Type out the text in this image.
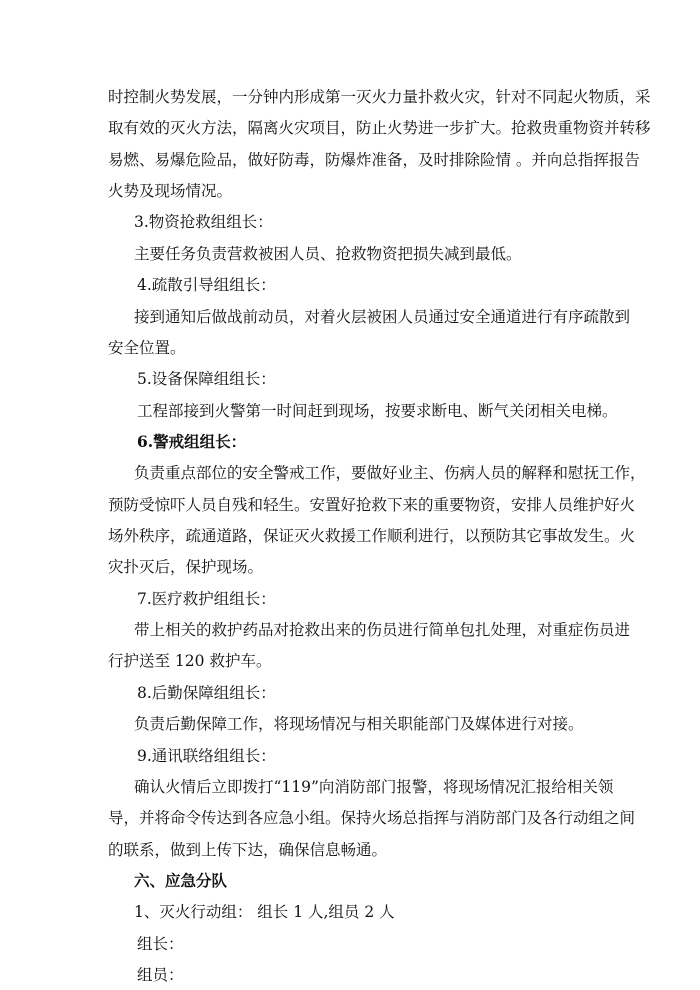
时控制火势发展，一分钟内形成第一灭火力量扑救火灾，针对不同起火物质，采
取有效的灭火方法，隔离火灾项目，防止火势进一步扩大。抢救贵重物资并转移
易燃、易爆危险品，做好防毒，防爆炸准备，及时排除险情 。并向总指挥报告
火势及现场情况。
3.物资抢救组组长：
主要任务负责营救被困人员、抢救物资把损失减到最低。
4.疏散引导组组长：
接到通知后做战前动员，对着火层被困人员通过安全通道进行有序疏散到
安全位置。
5.设备保障组组长：
工程部接到火警第一时间赶到现场，按要求断电、断气关闭相关电梯。
6.警戒组组长：
负责重点部位的安全警戒工作，要做好业主、伤病人员的解释和慰抚工作，
预防受惊吓人员自残和轻生。安置好抢救下来的重要物资，安排人员维护好火
场外秩序，疏通道路，保证灭火救援工作顺利进行，以预防其它事故发生。火
灾扑灭后，保护现场。
7.医疗救护组组长：
带上相关的救护药品对抢救出来的伤员进行简单包扎处理，对重症伤员进
行护送至 120 救护车。
8.后勤保障组组长：
负责后勤保障工作，将现场情况与相关职能部门及媒体进行对接。
9.通讯联络组组长：
确认火情后立即拨打“119”向消防部门报警，将现场情况汇报给相关领
导，并将命令传达到各应急小组。保持火场总指挥与消防部门及各行动组之间
的联系，做到上传下达，确保信息畅通。
六、应急分队
1、灭火行动组： 组长 1 人,组员 2 人
组长：
组员：
